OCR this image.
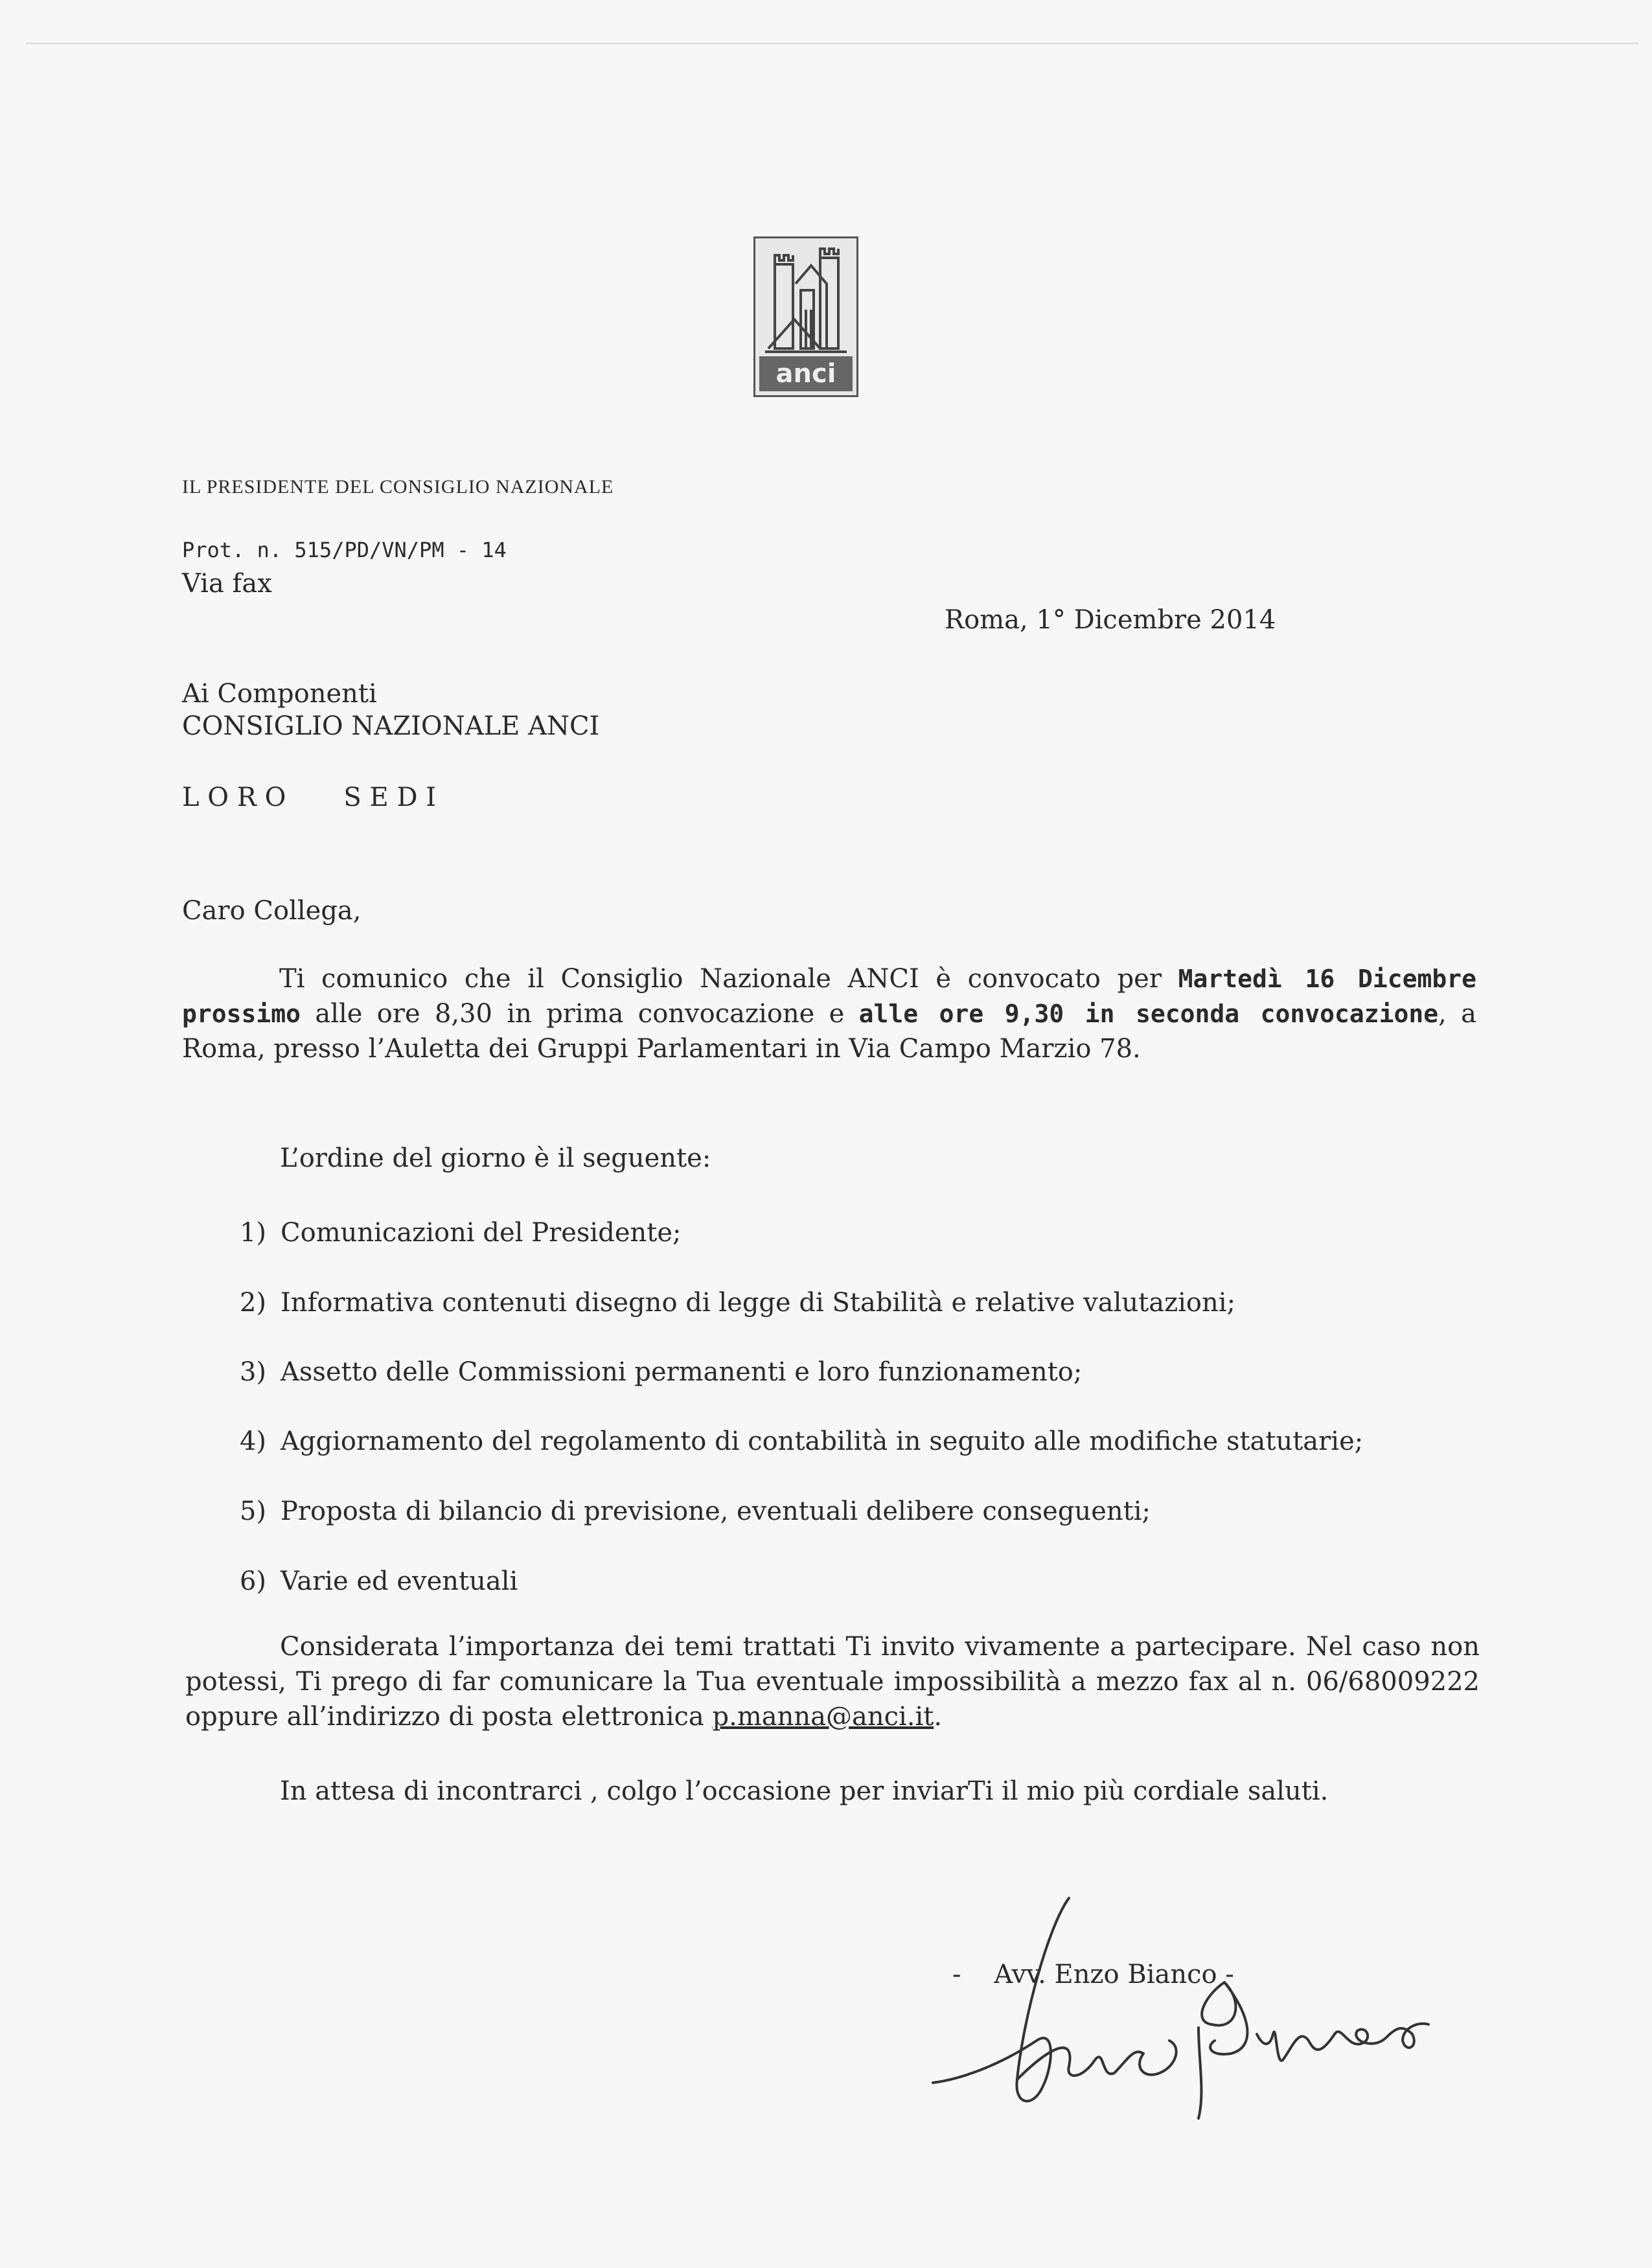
anci
IL PRESIDENTE DEL CONSIGLIO NAZIONALE
Prot. n. 515/PD/VN/PM - 14
Via fax
Roma, 1° Dicembre 2014
Ai Componenti
CONSIGLIO NAZIONALE ANCI
L O R O       S E D I
Caro Collega,
Ti comunico che il Consiglio Nazionale ANCI è convocato per Martedì 16 Dicembre prossimo alle ore 8,30 in prima convocazione e alle ore 9,30 in seconda convocazione, a Roma, presso l’Auletta dei Gruppi Parlamentari in Via Campo Marzio 78.
L’ordine del giorno è il seguente:
1) Comunicazioni del Presidente;
2) Informativa contenuti disegno di legge di Stabilità e relative valutazioni;
3) Assetto delle Commissioni permanenti e loro funzionamento;
4) Aggiornamento del regolamento di contabilità in seguito alle modifiche statutarie;
5) Proposta di bilancio di previsione, eventuali delibere conseguenti;
6) Varie ed eventuali
Considerata l’importanza dei temi trattati Ti invito vivamente a partecipare. Nel caso non potessi, Ti prego di far comunicare la Tua eventuale impossibilità a mezzo fax al n. 06/68009222 oppure all’indirizzo di posta elettronica p.manna@anci.it.
In attesa di incontrarci , colgo l’occasione per inviarTi il mio più cordiale saluti.
-    Avv. Enzo Bianco -
